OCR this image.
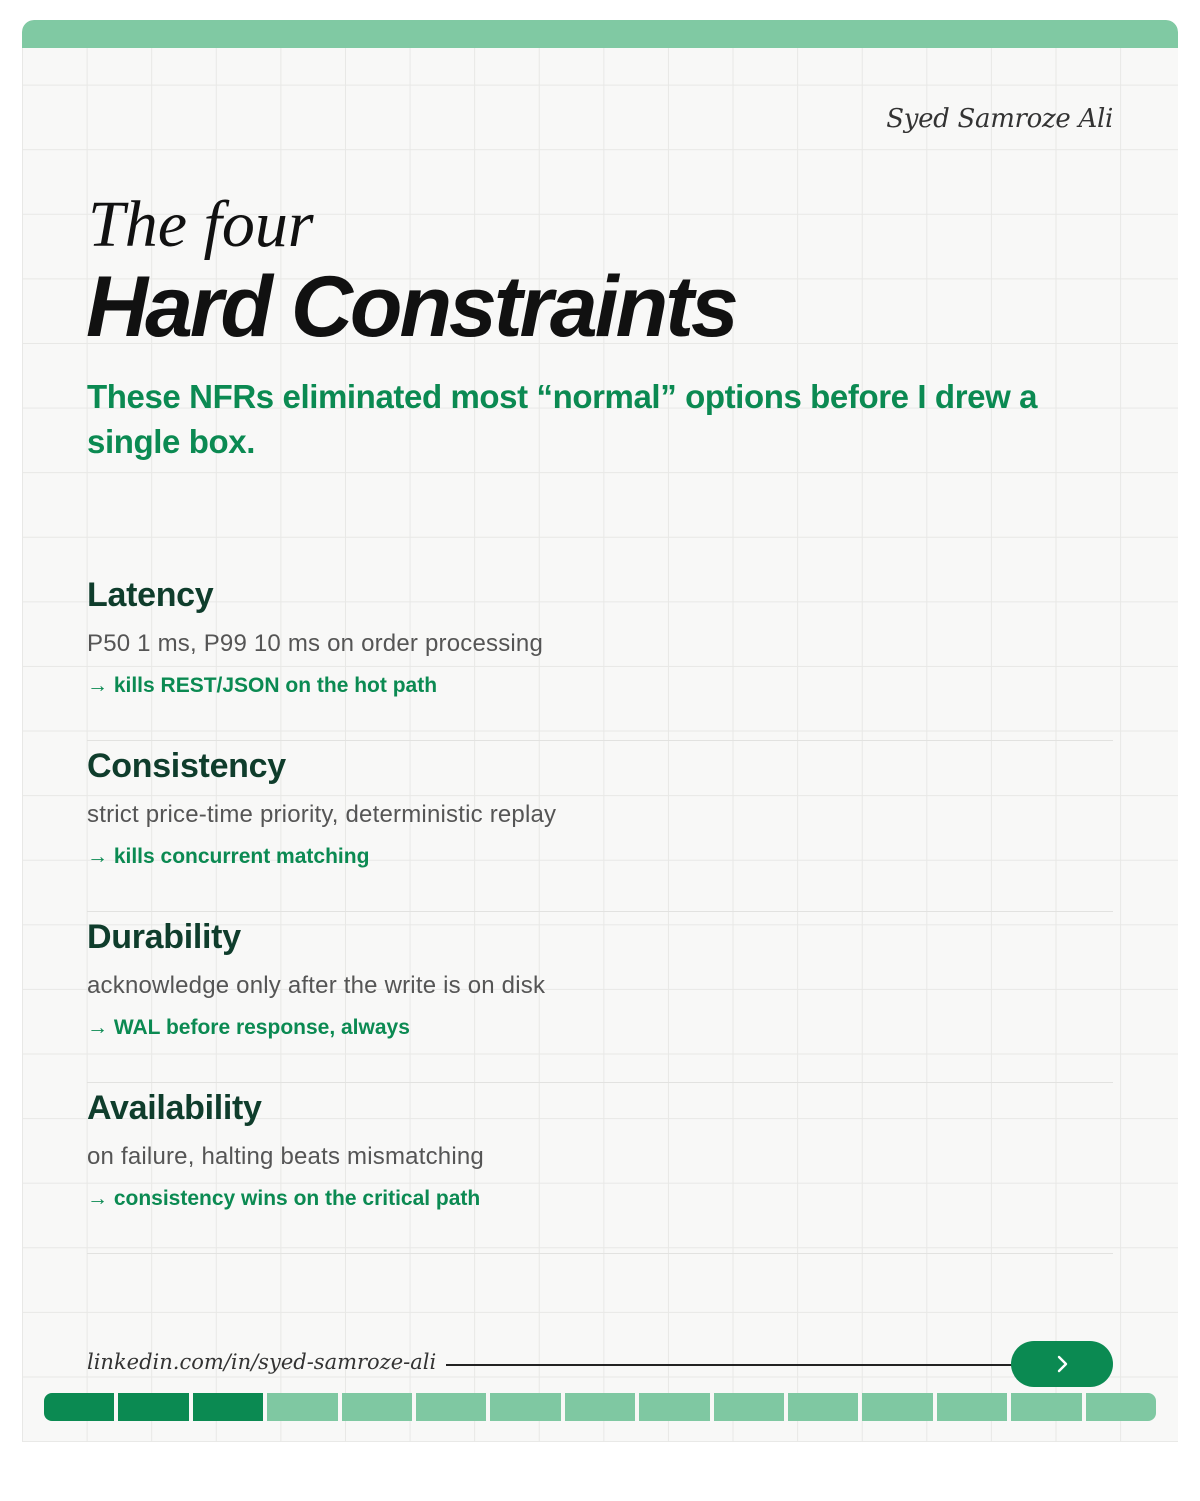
Syed Samroze Ali
The four
Hard Constraints
These NFRs eliminated most “normal” options before I drew a single box.
Latency
P50 1 ms, P99 10 ms on order processing
→ kills REST/JSON on the hot path
Consistency
strict price-time priority, deterministic replay
→ kills concurrent matching
Durability
acknowledge only after the write is on disk
→ WAL before response, always
Availability
on failure, halting beats mismatching
→ consistency wins on the critical path
linkedin.com/in/syed-samroze-ali
